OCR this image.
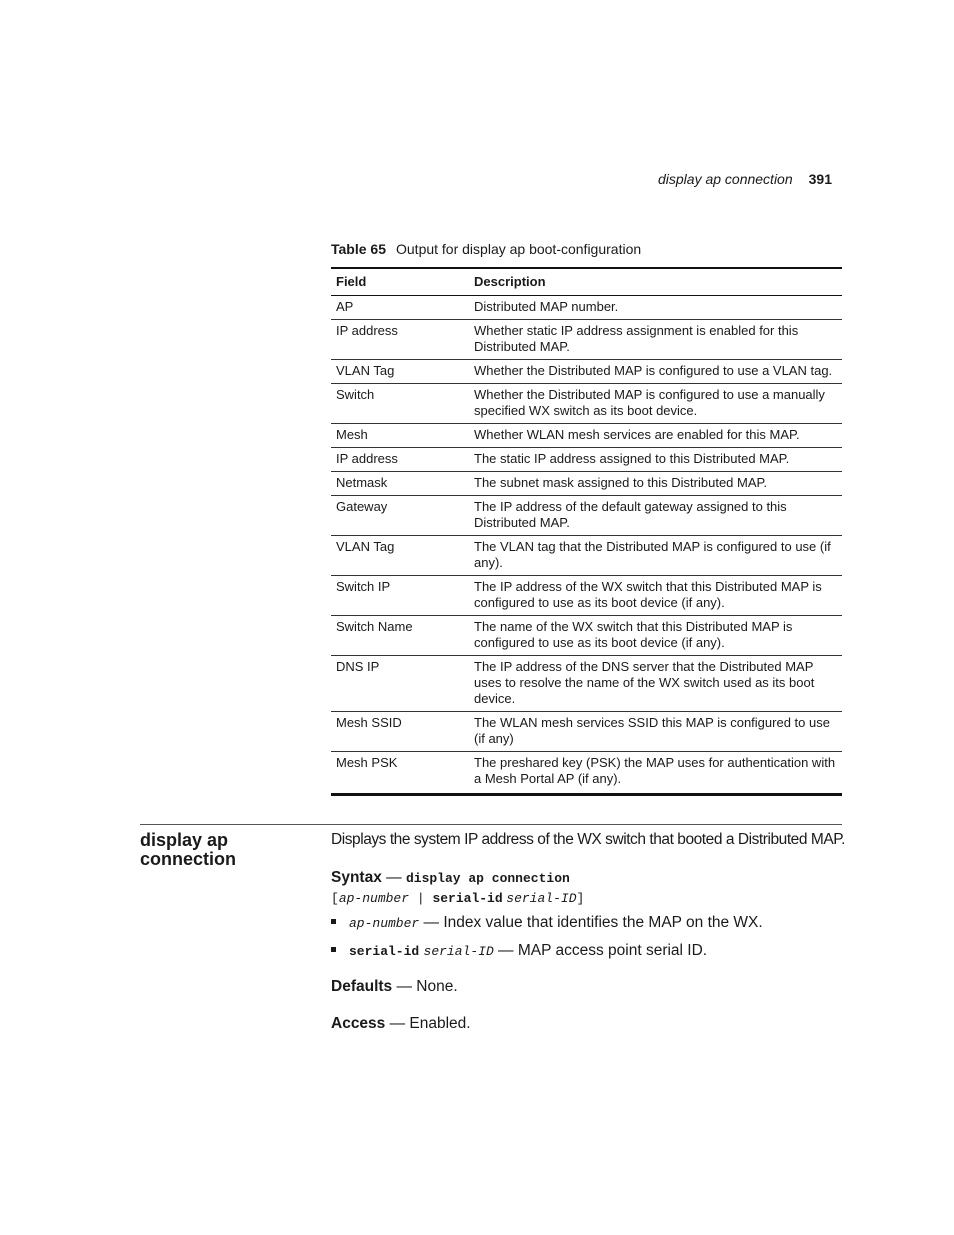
display ap connection 391
Table 65 Output for display ap boot-configuration
Field	Description
AP	Distributed MAP number.
IP address	Whether static IP address assignment is enabled for this Distributed MAP.
VLAN Tag	Whether the Distributed MAP is configured to use a VLAN tag.
Switch	Whether the Distributed MAP is configured to use a manually specified WX switch as its boot device.
Mesh	Whether WLAN mesh services are enabled for this MAP.
IP address	The static IP address assigned to this Distributed MAP.
Netmask	The subnet mask assigned to this Distributed MAP.
Gateway	The IP address of the default gateway assigned to this Distributed MAP.
VLAN Tag	The VLAN tag that the Distributed MAP is configured to use (if any).
Switch IP	The IP address of the WX switch that this Distributed MAP is configured to use as its boot device (if any).
Switch Name	The name of the WX switch that this Distributed MAP is configured to use as its boot device (if any).
DNS IP	The IP address of the DNS server that the Distributed MAP uses to resolve the name of the WX switch used as its boot device.
Mesh SSID	The WLAN mesh services SSID this MAP is configured to use (if any)
Mesh PSK	The preshared key (PSK) the MAP uses for authentication with a Mesh Portal AP (if any).
display ap connection
Displays the system IP address of the WX switch that booted a Distributed MAP.
Syntax — display ap connection
[ap-number | serial-id serial-ID]
ap-number — Index value that identifies the MAP on the WX.
serial-id serial-ID — MAP access point serial ID.
Defaults — None.
Access — Enabled.
